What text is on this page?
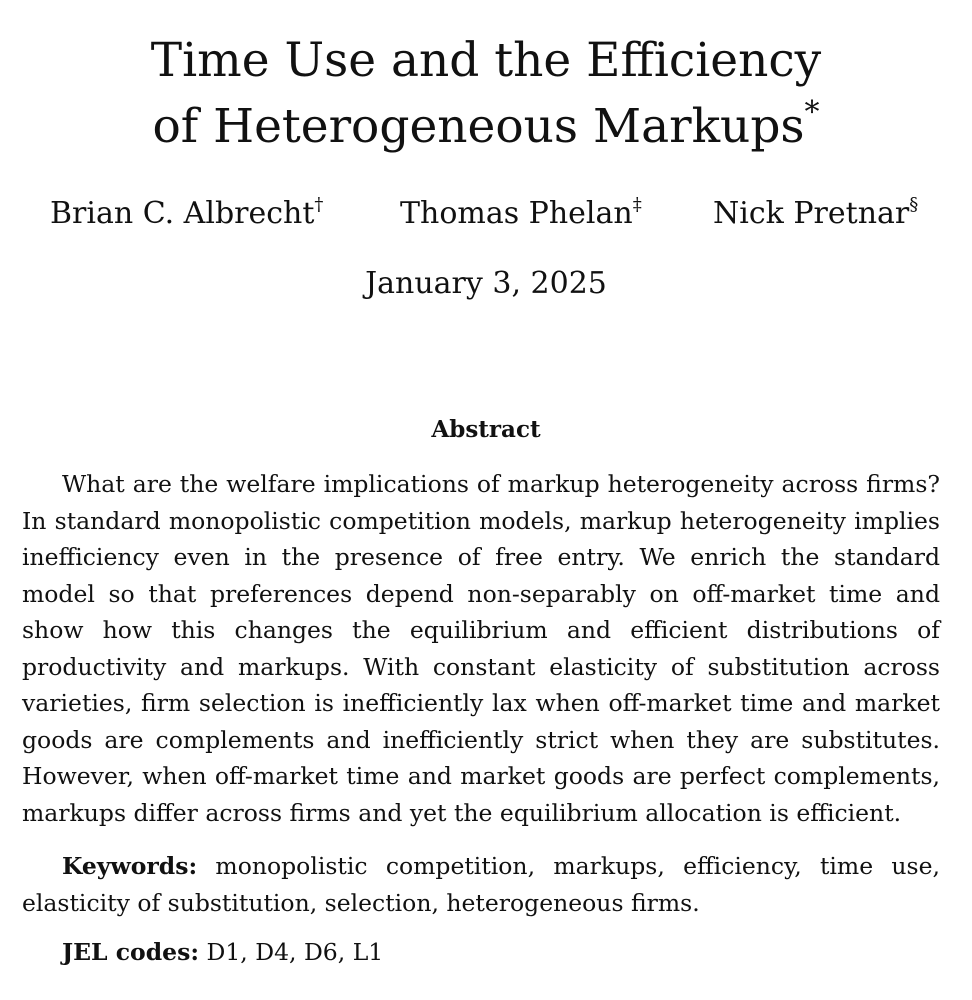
Time Use and the Efficiency
of Heterogeneous Markups*
Brian C. Albrecht†	Thomas Phelan‡ Nick Pretnar§
January 3, 2025
Abstract

What are the welfare implications of markup heterogeneity across firms? In standard monopolistic competition models, markup heterogeneity implies inefficiency even in the presence of free entry. We enrich the standard model so that preferences depend non-separably on off-market time and show how this changes the equilibrium and efficient distributions of productivity and markups. With constant elasticity of substitution across varieties, firm selection is inefficiently lax when off-market time and market goods are complements and inefficiently strict when they are substitutes. However, when off-market time and market goods are perfect complements, markups differ across firms and yet the equilibrium allocation is efficient.

Keywords: monopolistic competition, markups, efficiency, time use, elasticity of substitution, selection, heterogeneous firms.

JEL codes: D1, D4, D6, L1
